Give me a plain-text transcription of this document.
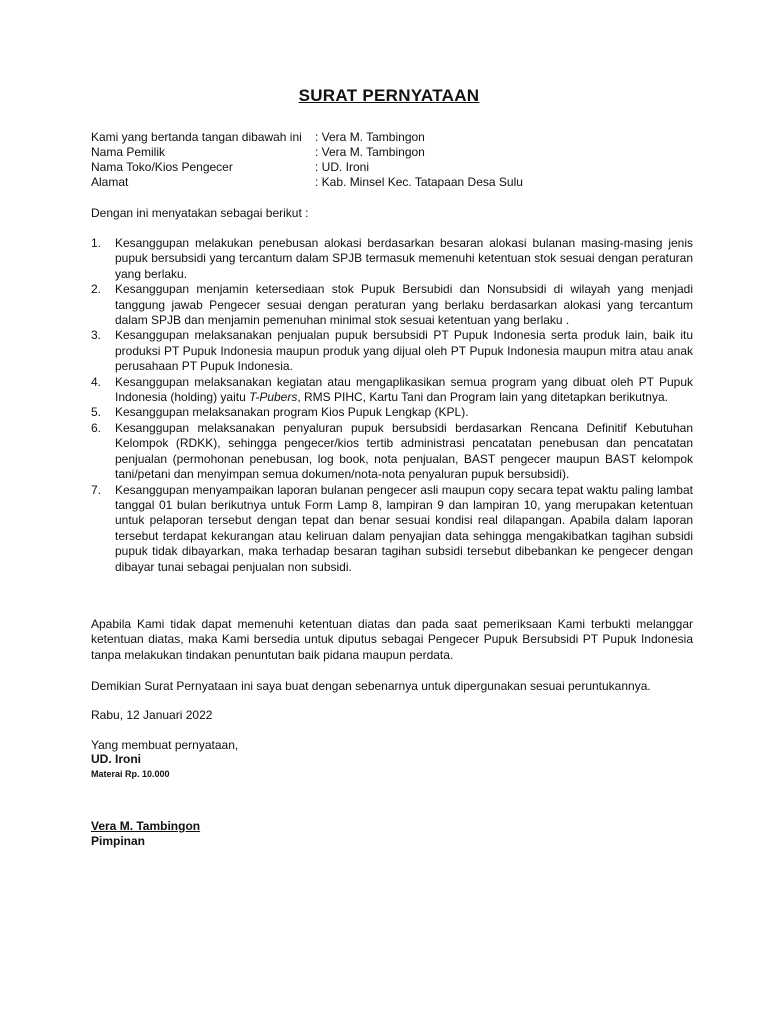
SURAT PERNYATAAN
Kami yang bertanda tangan dibawah ini	: Vera M. Tambingon
Nama Pemilik	: Vera M. Tambingon
Nama Toko/Kios Pengecer	: UD. Ironi
Alamat	: Kab. Minsel Kec. Tatapaan Desa Sulu
Dengan ini menyatakan sebagai berikut :
1.	Kesanggupan melakukan penebusan alokasi berdasarkan besaran alokasi bulanan masing-masing jenis pupuk bersubsidi yang tercantum dalam SPJB termasuk memenuhi ketentuan stok sesuai dengan peraturan yang berlaku.
2.	Kesanggupan menjamin ketersediaan stok Pupuk Bersubidi dan Nonsubsidi di wilayah yang menjadi tanggung jawab Pengecer sesuai dengan peraturan yang berlaku berdasarkan alokasi yang tercantum dalam SPJB dan menjamin pemenuhan minimal stok sesuai ketentuan yang berlaku .
3.	Kesanggupan melaksanakan penjualan pupuk bersubsidi PT Pupuk Indonesia serta produk lain, baik itu produksi PT Pupuk Indonesia maupun produk yang dijual oleh PT Pupuk Indonesia maupun mitra atau anak perusahaan PT Pupuk Indonesia.
4.	Kesanggupan melaksanakan kegiatan atau mengaplikasikan semua program yang dibuat oleh PT Pupuk Indonesia (holding) yaitu T-Pubers, RMS PIHC, Kartu Tani dan Program lain yang ditetapkan berikutnya.
5.	Kesanggupan melaksanakan program Kios Pupuk Lengkap (KPL).
6.	Kesanggupan melaksanakan penyaluran pupuk bersubsidi berdasarkan Rencana Definitif Kebutuhan Kelompok (RDKK), sehingga pengecer/kios tertib administrasi pencatatan penebusan dan pencatatan penjualan (permohonan penebusan, log book, nota penjualan, BAST pengecer maupun BAST kelompok tani/petani dan menyimpan semua dokumen/nota-nota penyaluran pupuk bersubsidi).
7.	Kesanggupan menyampaikan laporan bulanan pengecer asli maupun copy secara tepat waktu paling lambat tanggal 01 bulan berikutnya untuk Form Lamp 8, lampiran 9 dan lampiran 10, yang merupakan ketentuan untuk pelaporan tersebut dengan tepat dan benar sesuai kondisi real dilapangan. Apabila dalam laporan tersebut terdapat kekurangan atau keliruan dalam penyajian data sehingga mengakibatkan tagihan subsidi pupuk tidak dibayarkan, maka terhadap besaran tagihan subsidi tersebut dibebankan ke pengecer dengan dibayar tunai sebagai penjualan non subsidi.
Apabila Kami tidak dapat memenuhi ketentuan diatas dan pada saat pemeriksaan Kami terbukti melanggar ketentuan diatas, maka Kami bersedia untuk diputus sebagai Pengecer Pupuk Bersubsidi PT Pupuk Indonesia tanpa melakukan tindakan penuntutan baik pidana maupun perdata.
Demikian Surat Pernyataan ini saya buat dengan sebenarnya untuk dipergunakan sesuai peruntukannya.
Rabu, 12 Januari 2022
Yang membuat pernyataan,
UD. Ironi
Materai Rp. 10.000
Vera M. Tambingon
Pimpinan
